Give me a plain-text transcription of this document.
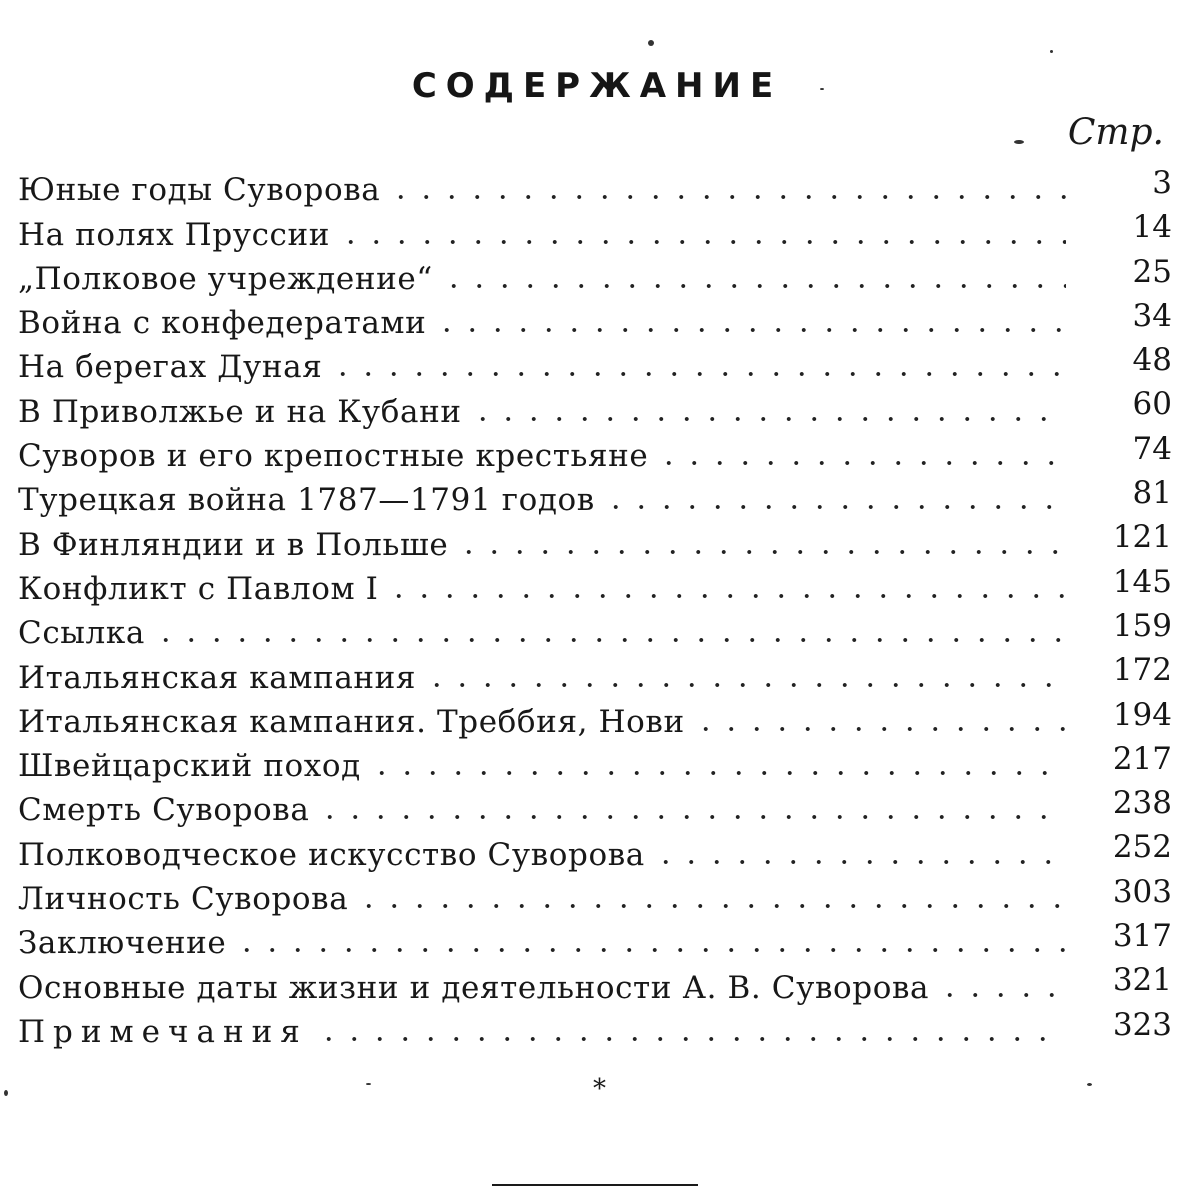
СОДЕРЖАНИЕ
Стр.
Юные годы Суворова	3
На полях Пруссии	14
„Полковое учреждение“	25
Война с конфедератами	34
На берегах Дуная	48
В Приволжье и на Кубани	60
Суворов и его крепостные крестьяне	74
Турецкая война 1787—1791 годов	81
В Финляндии и в Польше	121
Конфликт с Павлом I	145
Ссылка	159
Итальянская кампания	172
Итальянская кампания. Треббия, Нови	194
Швейцарский поход	217
Смерть Суворова	238
Полководческое искусство Суворова	252
Личность Суворова	303
Заключение	317
Основные даты жизни и деятельности А. В. Суворова	321
Примечания	323
*
